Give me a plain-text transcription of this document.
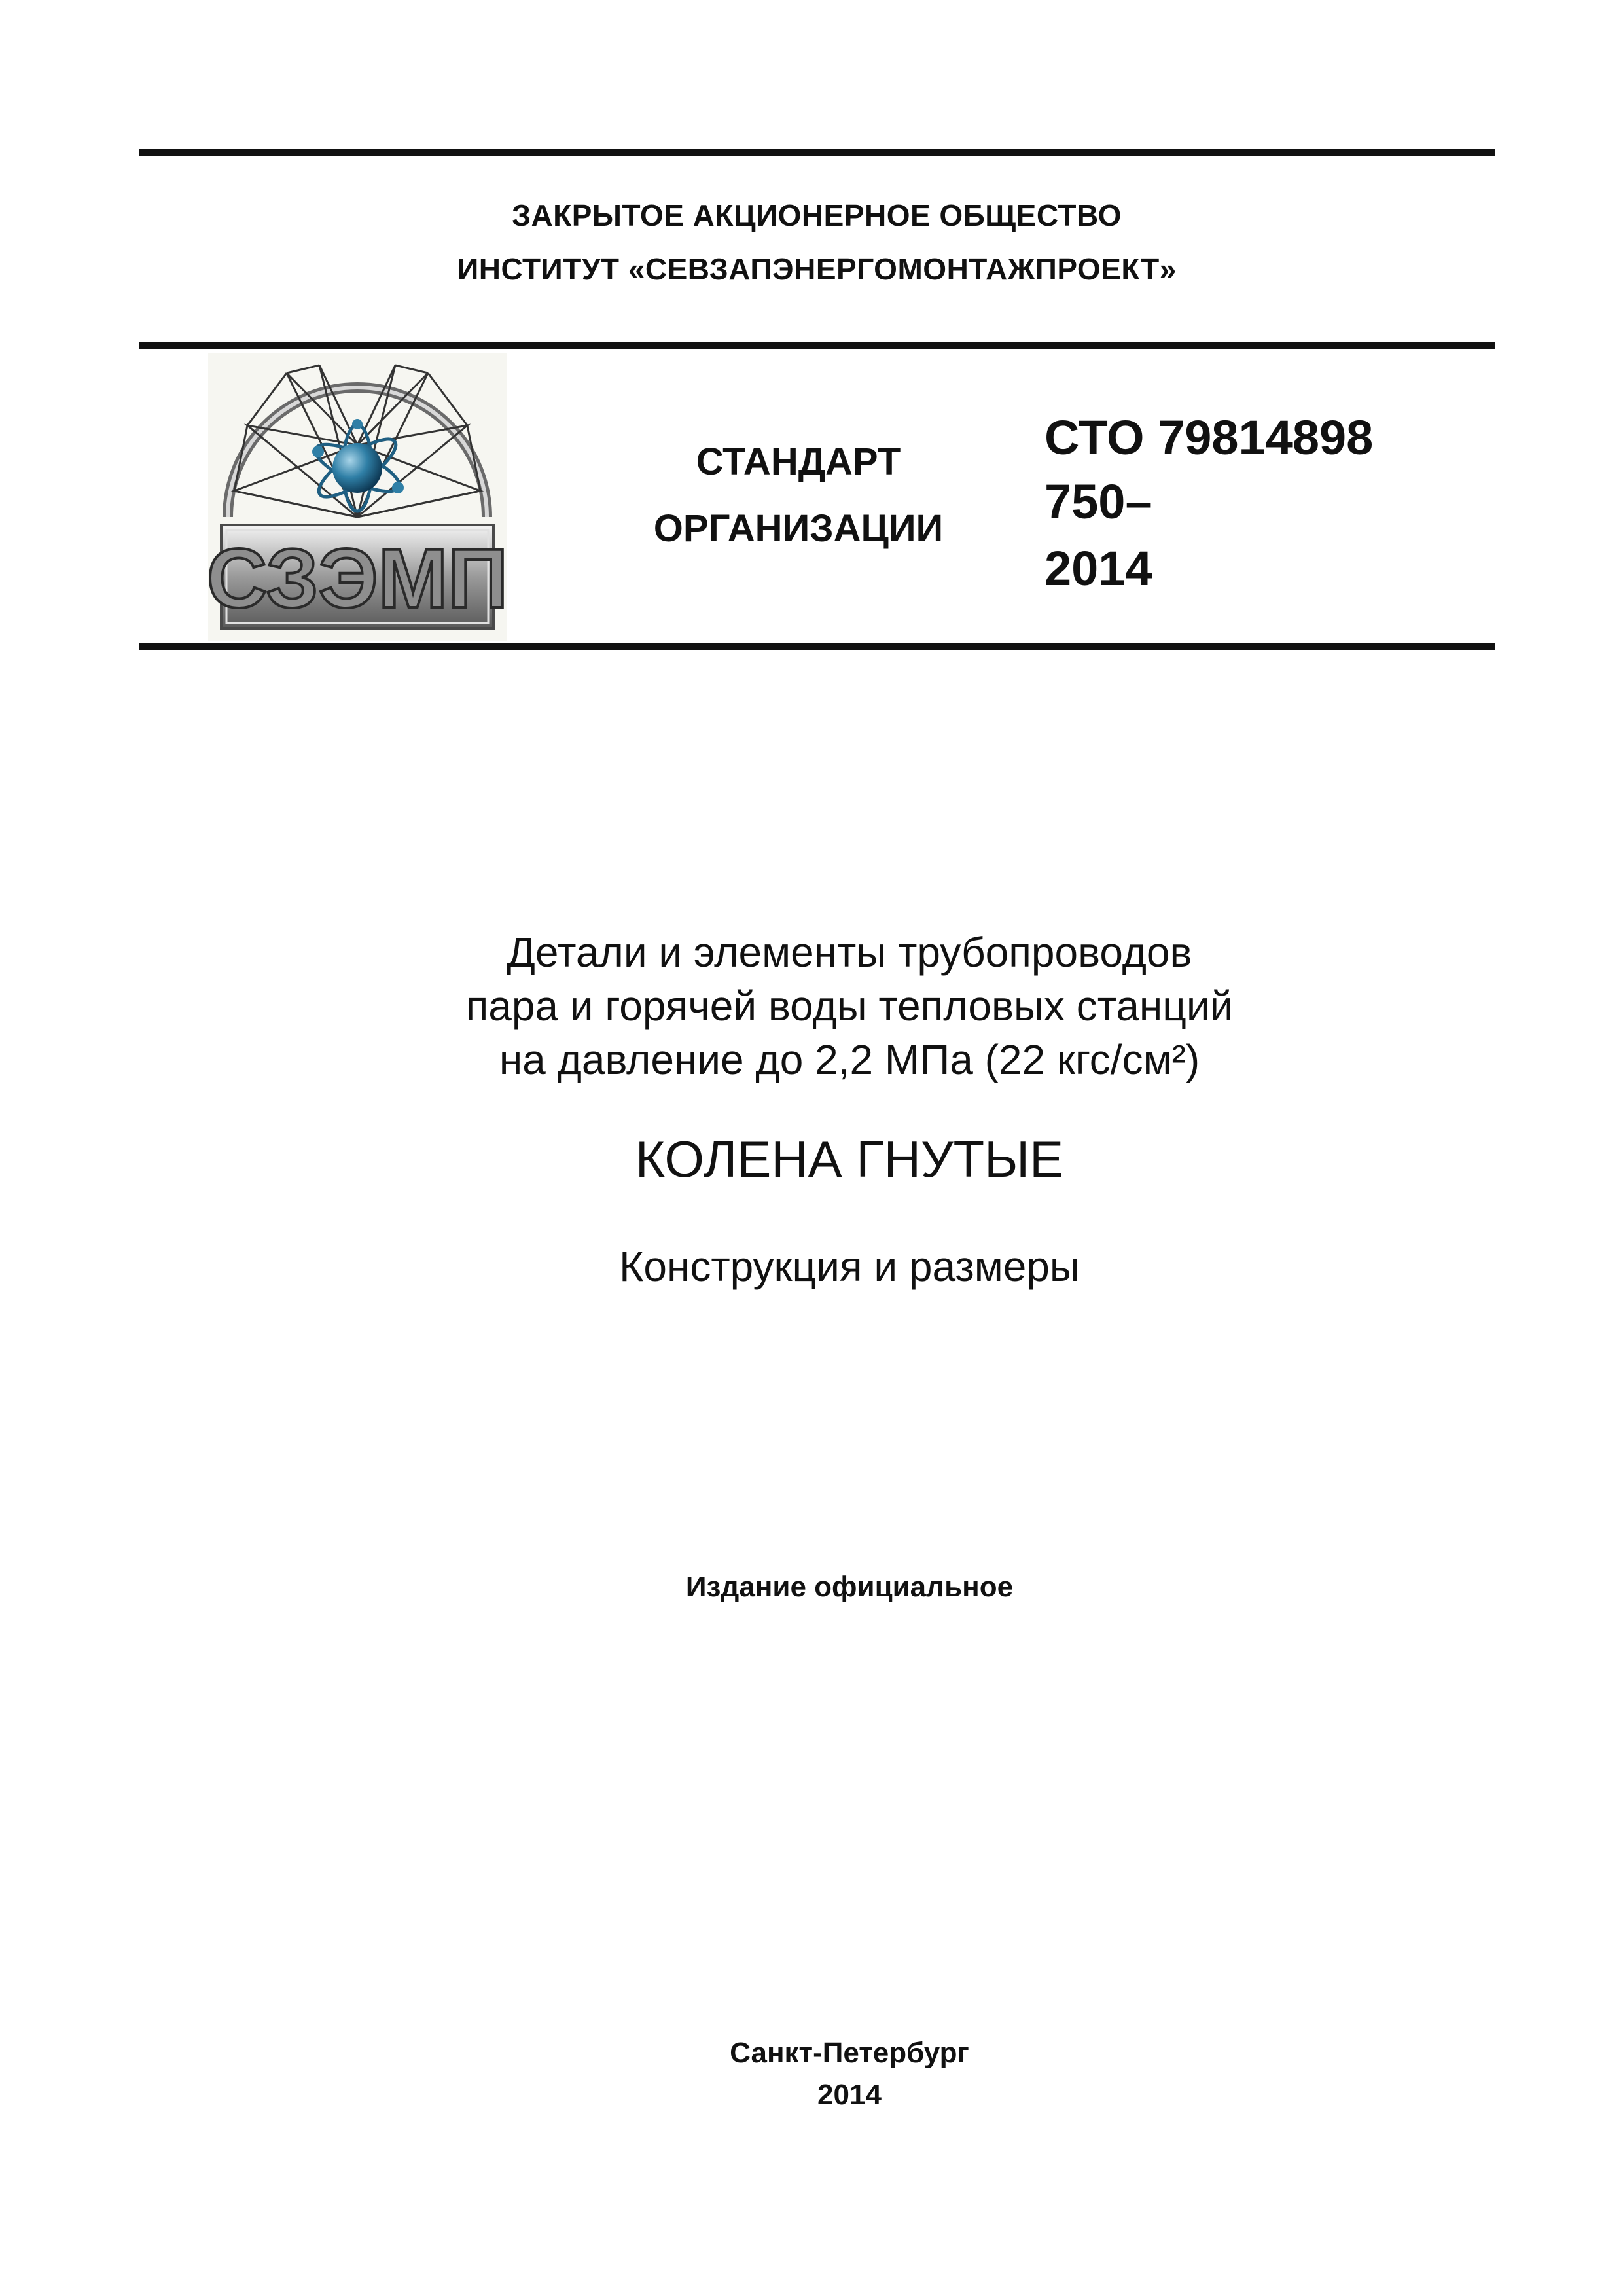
ЗАКРЫТОЕ АКЦИОНЕРНОЕ ОБЩЕСТВО
ИНСТИТУТ «СЕВЗАПЭНЕРГОМОНТАЖПРОЕКТ»
СЗЭМП
СТАНДАРТ
ОРГАНИЗАЦИИ
СТО 79814898
750–
2014
Детали и элементы трубопроводов
пара и горячей воды тепловых станций
на давление до 2,2 МПа (22 кгс/см²)
КОЛЕНА ГНУТЫЕ
Конструкция и размеры
Издание официальное
Санкт-Петербург
2014
